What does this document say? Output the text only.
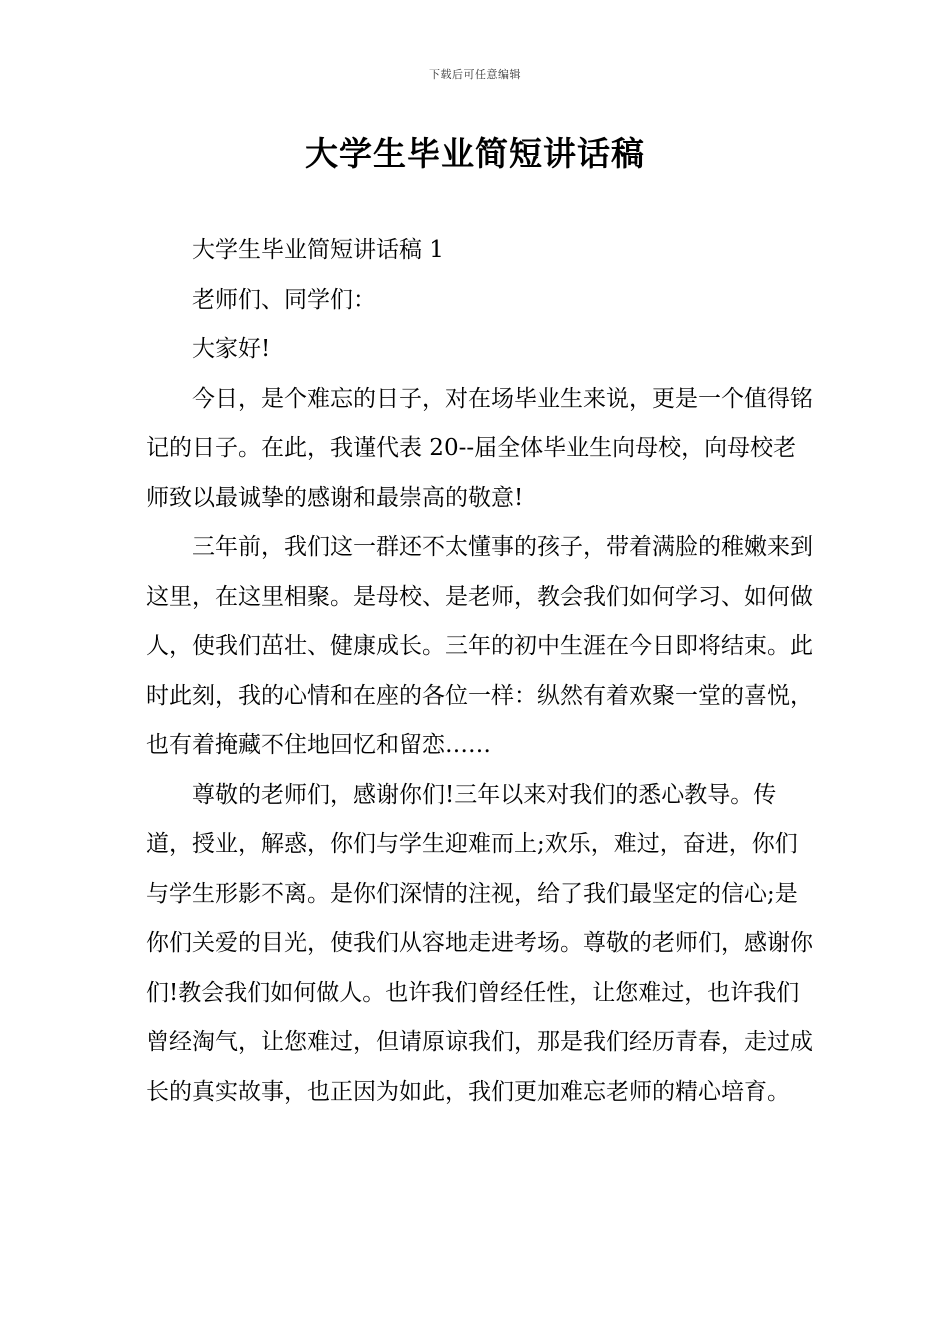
下载后可任意编辑
大学生毕业简短讲话稿

大学生毕业简短讲话稿 1

老师们、同学们：

大家好!

今日，是个难忘的日子，对在场毕业生来说，更是一个值得铭记的日子。在此，我谨代表 20--届全体毕业生向母校，向母校老师致以最诚挚的感谢和最崇高的敬意!

三年前，我们这一群还不太懂事的孩子，带着满脸的稚嫩来到这里，在这里相聚。是母校、是老师，教会我们如何学习、如何做人，使我们茁壮、健康成长。三年的初中生涯在今日即将结束。此时此刻，我的心情和在座的各位一样：纵然有着欢聚一堂的喜悦，也有着掩藏不住地回忆和留恋……

尊敬的老师们，感谢你们!三年以来对我们的悉心教导。传道，授业，解惑，你们与学生迎难而上;欢乐，难过，奋进，你们与学生形影不离。是你们深情的注视，给了我们最坚定的信心;是你们关爱的目光，使我们从容地走进考场。尊敬的老师们，感谢你们!教会我们如何做人。也许我们曾经任性，让您难过，也许我们曾经淘气，让您难过，但请原谅我们，那是我们经历青春，走过成长的真实故事，也正因为如此，我们更加难忘老师的精心培育。
